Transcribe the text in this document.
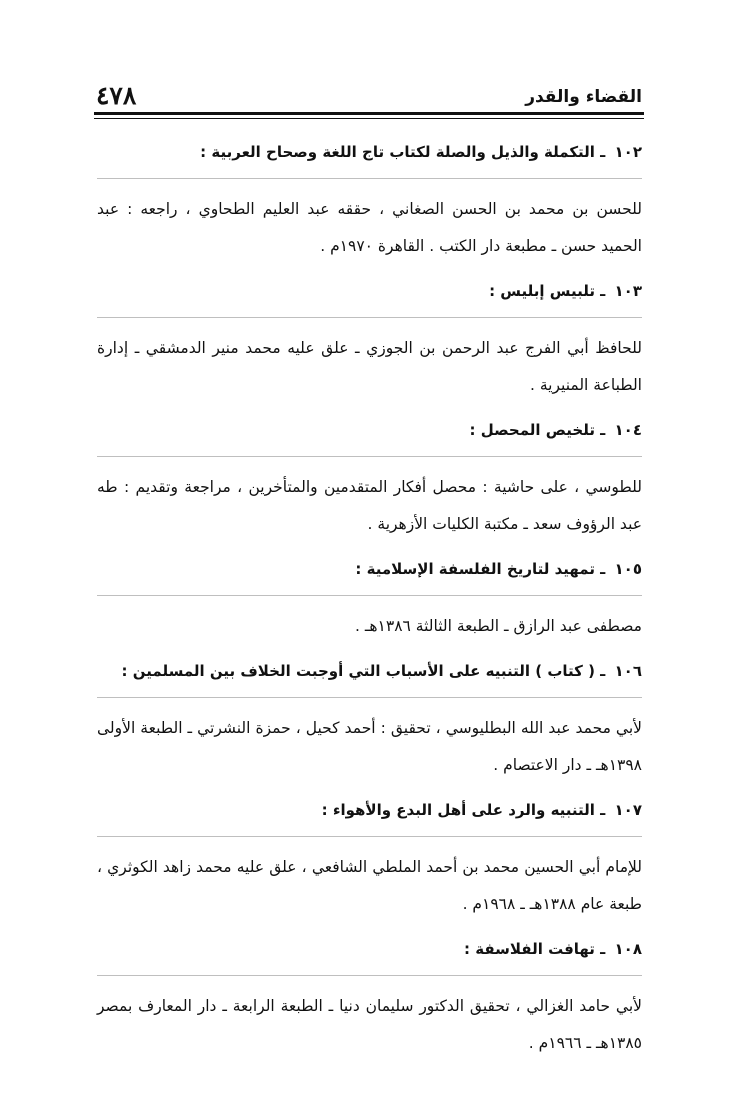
٤٧٨	القضاء والقدر

١٠٢ ـ التكملة والذيل والصلة لكتاب تاج اللغة وصحاح العربية :

للحسن بن محمد بن الحسن الصغاني ، حققه عبد العليم الطحاوي ، راجعه : عبد الحميد حسن ـ مطبعة دار الكتب . القاهرة ١٩٧٠م .

١٠٣ ـ تلبيس إبليس :

للحافظ أبي الفرج عبد الرحمن بن الجوزي ـ علق عليه محمد منير الدمشقي ـ إدارة الطباعة المنيرية .

١٠٤ ـ تلخيص المحصل :

للطوسي ، على حاشية : محصل أفكار المتقدمين والمتأخرين ، مراجعة وتقديم : طه عبد الرؤوف سعد ـ مكتبة الكليات الأزهرية .

١٠٥ ـ تمهيد لتاريخ الفلسفة الإسلامية :

مصطفى عبد الرازق ـ الطبعة الثالثة ١٣٨٦هـ .

١٠٦ ـ ( كتاب ) التنبيه على الأسباب التي أوجبت الخلاف بين المسلمين :

لأبي محمد عبد الله البطليوسي ، تحقيق : أحمد كحيل ، حمزة النشرتي ـ الطبعة الأولى ١٣٩٨هـ ـ دار الاعتصام .

١٠٧ ـ التنبيه والرد على أهل البدع والأهواء :

للإمام أبي الحسين محمد بن أحمد الملطي الشافعي ، علق عليه محمد زاهد الكوثري ، طبعة عام ١٣٨٨هـ ـ ١٩٦٨م .

١٠٨ ـ تهافت الفلاسفة :

لأبي حامد الغزالي ، تحقيق الدكتور سليمان دنيا ـ الطبعة الرابعة ـ دار المعارف بمصر ١٣٨٥هـ ـ ١٩٦٦م .
